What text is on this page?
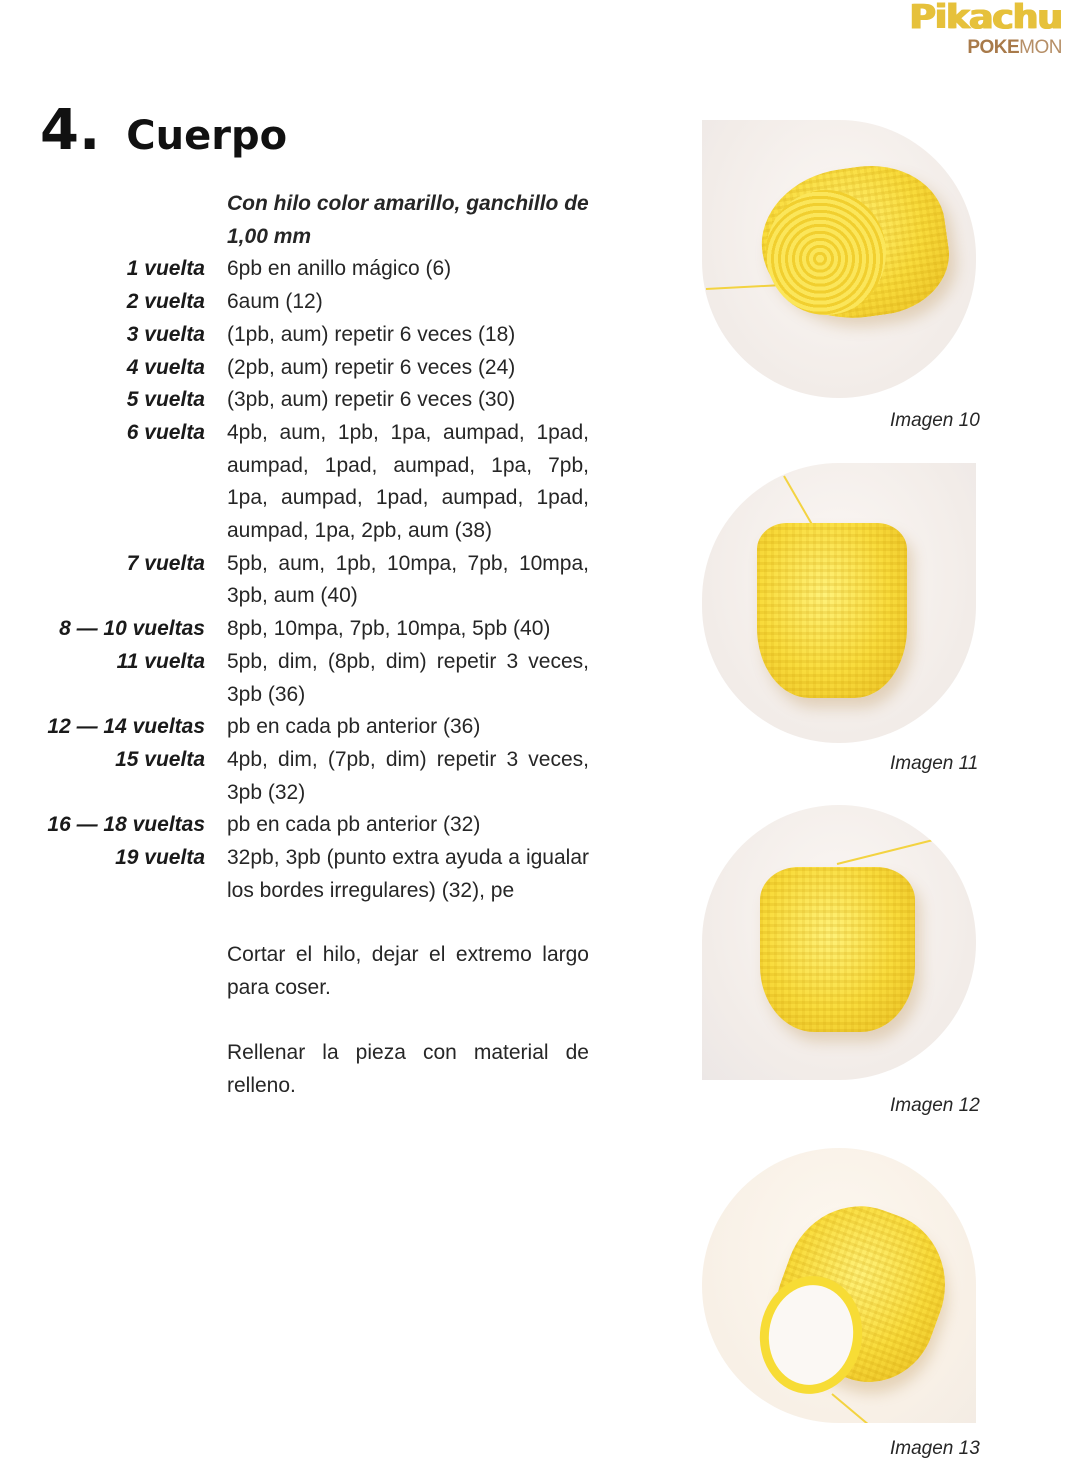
Pikachu
POKEMON
4. Cuerpo
Con hilo color amarillo, ganchillo de 1,00 mm
1 vuelta 6pb en anillo mágico (6)
2 vuelta 6aum (12)
3 vuelta (1pb, aum) repetir 6 veces (18)
4 vuelta (2pb, aum) repetir 6 veces (24)
5 vuelta (3pb, aum) repetir 6 veces (30)
6 vuelta 4pb, aum, 1pb, 1pa, aumpad, 1pad, aumpad, 1pad, aumpad, 1pa, 7pb, 1pa, aumpad, 1pad, aumpad, 1pad, aumpad, 1pa, 2pb, aum (38)
7 vuelta 5pb, aum, 1pb, 10mpa, 7pb, 10mpa, 3pb, aum (40)
8 — 10 vueltas 8pb, 10mpa, 7pb, 10mpa, 5pb (40)
11 vuelta 5pb, dim, (8pb, dim) repetir 3 veces, 3pb (36)
12 — 14 vueltas pb en cada pb anterior (36)
15 vuelta 4pb, dim, (7pb, dim) repetir 3 veces, 3pb (32)
16 — 18 vueltas pb en cada pb anterior (32)
19 vuelta 32pb, 3pb (punto extra ayuda a igualar los bordes irregulares) (32), pe
Cortar el hilo, dejar el extremo largo para coser.
Rellenar la pieza con material de relleno.
Imagen 10
Imagen 11
Imagen 12
Imagen 13
